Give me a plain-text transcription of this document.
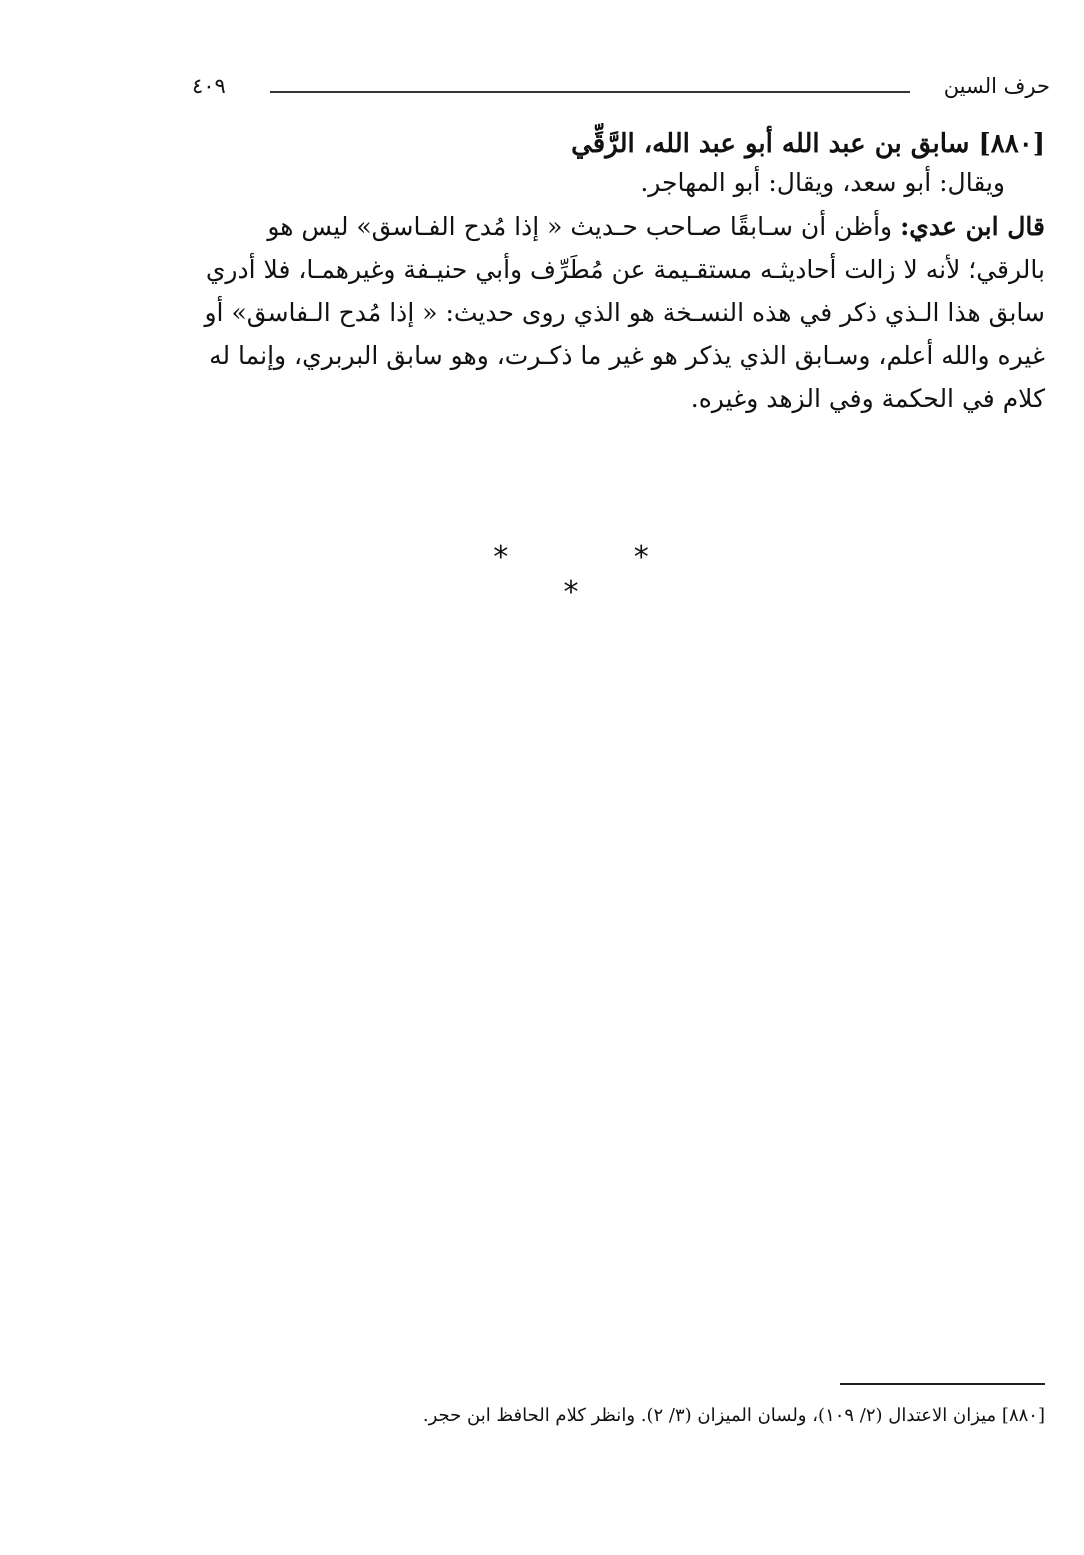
حرف السين
٤٠٩
[٨٨٠] سابق بن عبد الله أبو عبد الله، الرَّقِّي
ويقال: أبو سعد، ويقال: أبو المهاجر.
قال ابن عدي: وأظن أن سـابقًا صـاحب حـديث « إذا مُدح الفـاسق» ليس هو
بالرقي؛ لأنه لا زالت أحاديثـه مستقـيمة عن مُطَرِّف وأبي حنيـفة وغيرهمـا، فلا أدري
سابق هذا الـذي ذكر في هذه النسـخة هو الذي روى حديث: « إذا مُدح الـفاسق» أو
غيره والله أعلم، وسـابق الذي يذكر هو غير ما ذكـرت، وهو سابق البربري، وإنما له
كلام في الحكمة وفي الزهد وغيره.
* * *
[٨٨٠] ميزان الاعتدال (٢/ ١٠٩)، ولسان الميزان (٣/ ٢). وانظر كلام الحافظ ابن حجر.
